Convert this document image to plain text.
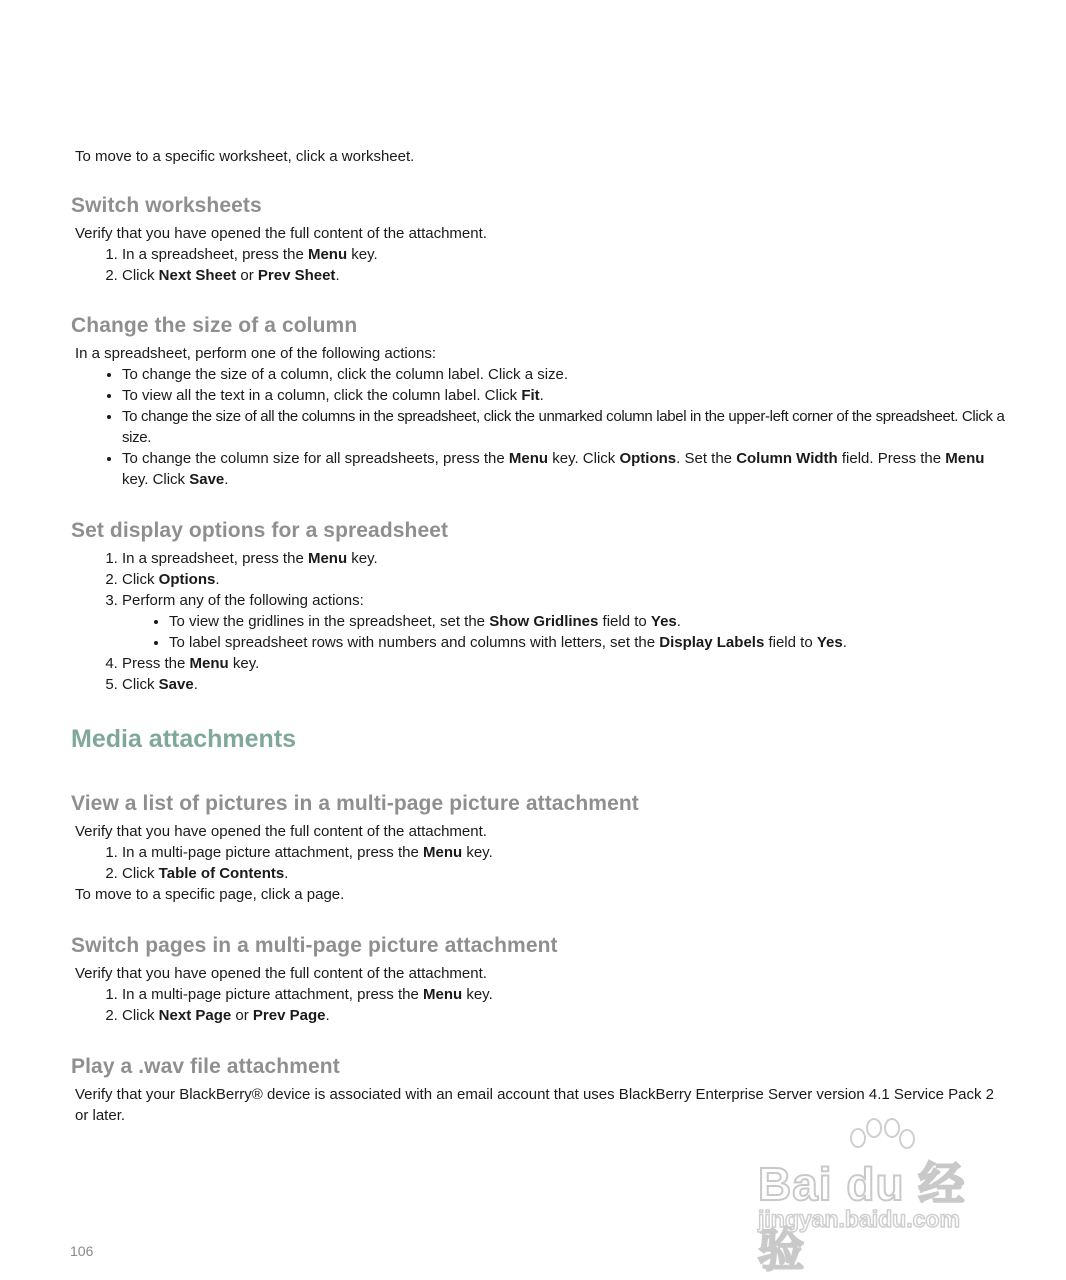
To move to a specific worksheet, click a worksheet.

Switch worksheets

Verify that you have opened the full content of the attachment.

1. In a spreadsheet, press the Menu key.
2. Click Next Sheet or Prev Sheet.
Change the size of a column

In a spreadsheet, perform one of the following actions:

• To change the size of a column, click the column label. Click a size.
• To view all the text in a column, click the column label. Click Fit.
• To change the size of all the columns in the spreadsheet, click the unmarked column label in the upper-left corner of the spreadsheet. Click a size.
• To change the column size for all spreadsheets, press the Menu key. Click Options. Set the Column Width field. Press the Menu key. Click Save.
Set display options for a spreadsheet
1. In a spreadsheet, press the Menu key.
2. Click Options.
3. Perform any of the following actions:
• To view the gridlines in the spreadsheet, set the Show Gridlines field to Yes.
• To label spreadsheet rows with numbers and columns with letters, set the Display Labels field to Yes.
4. Press the Menu key.
5. Click Save.
Media attachments
View a list of pictures in a multi-page picture attachment

Verify that you have opened the full content of the attachment.

1. In a multi-page picture attachment, press the Menu key.
2. Click Table of Contents.

To move to a specific page, click a page.

Switch pages in a multi-page picture attachment

Verify that you have opened the full content of the attachment.

1. In a multi-page picture attachment, press the Menu key.
2. Click Next Page or Prev Page.
Play a .wav file attachment

Verify that your BlackBerry® device is associated with an email account that uses BlackBerry Enterprise Server version 4.1 Service Pack 2 or later.

Bai du 经验
jingyan.baidu.com
106
